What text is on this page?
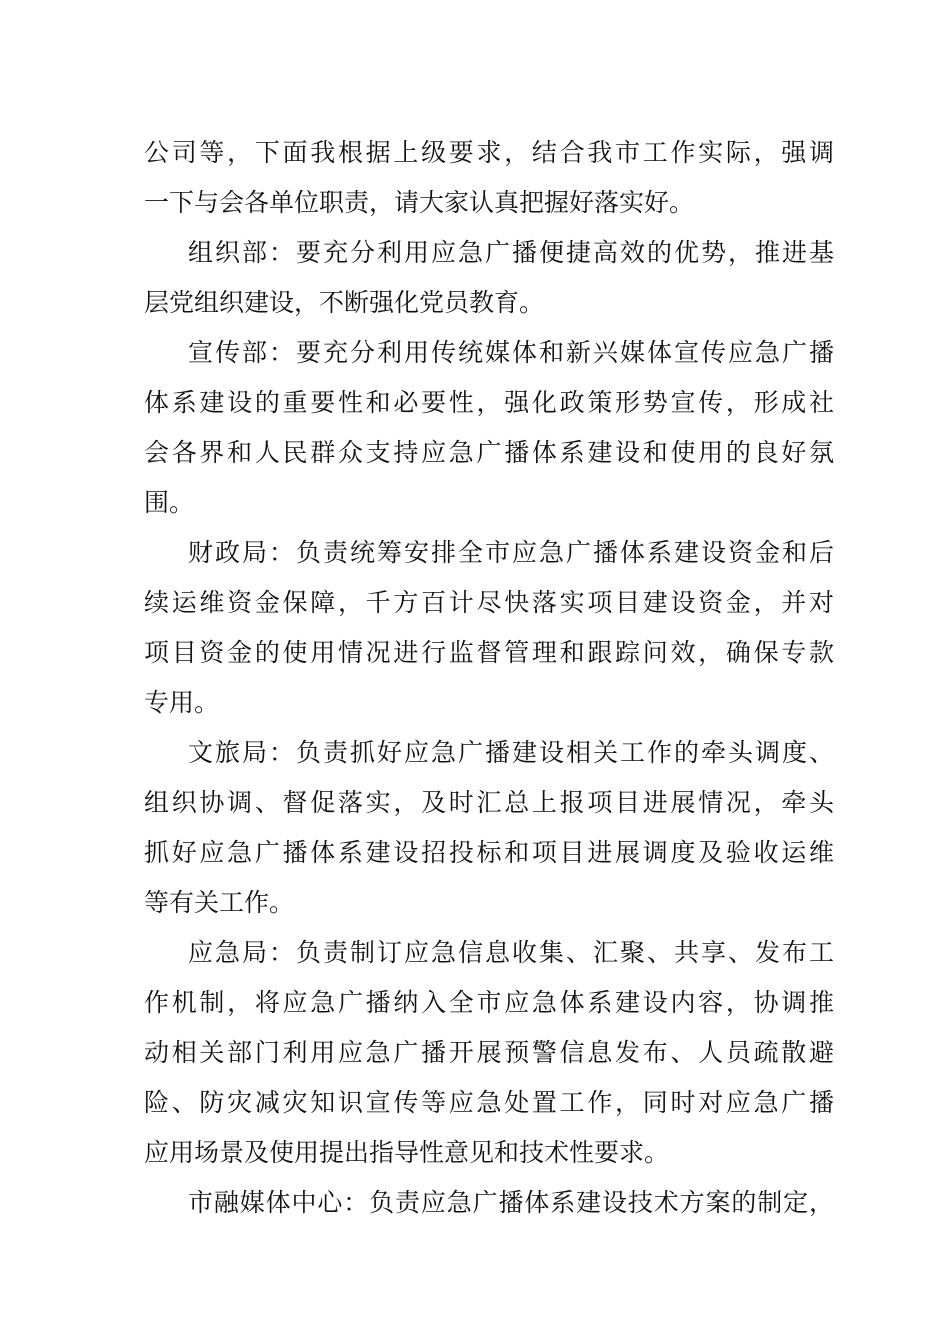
公司等，下面我根据上级要求，结合我市工作实际，强调
一下与会各单位职责，请大家认真把握好落实好。
组织部：要充分利用应急广播便捷高效的优势，推进基
层党组织建设，不断强化党员教育。
宣传部：要充分利用传统媒体和新兴媒体宣传应急广播
体系建设的重要性和必要性，强化政策形势宣传，形成社
会各界和人民群众支持应急广播体系建设和使用的良好氛
围。
财政局：负责统筹安排全市应急广播体系建设资金和后
续运维资金保障，千方百计尽快落实项目建设资金，并对
项目资金的使用情况进行监督管理和跟踪问效，确保专款
专用。
文旅局：负责抓好应急广播建设相关工作的牵头调度、
组织协调、督促落实，及时汇总上报项目进展情况，牵头
抓好应急广播体系建设招投标和项目进展调度及验收运维
等有关工作。
应急局：负责制订应急信息收集、汇聚、共享、发布工
作机制，将应急广播纳入全市应急体系建设内容，协调推
动相关部门利用应急广播开展预警信息发布、人员疏散避
险、防灾减灾知识宣传等应急处置工作，同时对应急广播
应用场景及使用提出指导性意见和技术性要求。
市融媒体中心：负责应急广播体系建设技术方案的制定，
